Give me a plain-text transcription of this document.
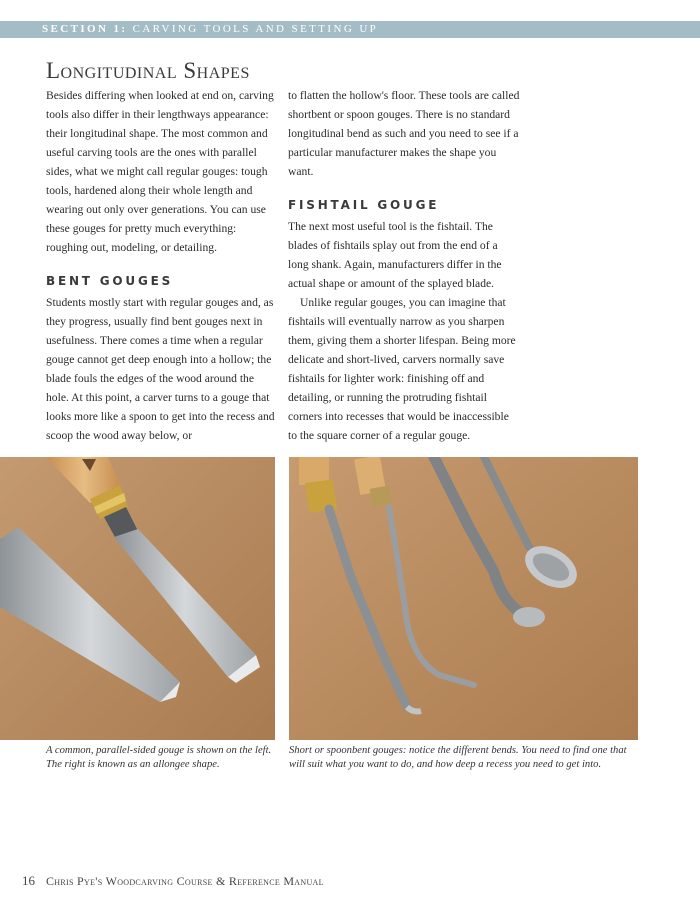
SECTION 1: CARVING TOOLS AND SETTING UP
Longitudinal Shapes

Besides differing when looked at end on, carving tools also differ in their lengthways appearance: their longitudinal shape. The most common and useful carving tools are the ones with parallel sides, what we might call regular gouges: tough tools, hardened along their whole length and wearing out only over generations. You can use these gouges for pretty much everything: roughing out, modeling, or detailing.

BENT GOUGES

Students mostly start with regular gouges and, as they progress, usually find bent gouges next in usefulness. There comes a time when a regular gouge cannot get deep enough into a hollow; the blade fouls the edges of the wood around the hole. At this point, a carver turns to a gouge that looks more like a spoon to get into the recess and scoop the wood away below, or

to flatten the hollow's floor. These tools are called shortbent or spoon gouges. There is no standard longitudinal bend as such and you need to see if a particular manufacturer makes the shape you want.

FISHTAIL GOUGE

The next most useful tool is the fishtail. The blades of fishtails splay out from the end of a long shank. Again, manufacturers differ in the actual shape or amount of the splayed blade.

Unlike regular gouges, you can imagine that fishtails will eventually narrow as you sharpen them, giving them a shorter lifespan. Being more delicate and short-lived, carvers normally save fishtails for lighter work: finishing off and detailing, or running the protruding fishtail corners into recesses that would be inaccessible to the square corner of a regular gouge.

A common, parallel-sided gouge is shown on the left. The right is known as an allongee shape.
Short or spoonbent gouges: notice the different bends. You need to find one that will suit what you want to do, and how deep a recess you need to get into.
16 Chris Pye's Woodcarving Course & Reference Manual
